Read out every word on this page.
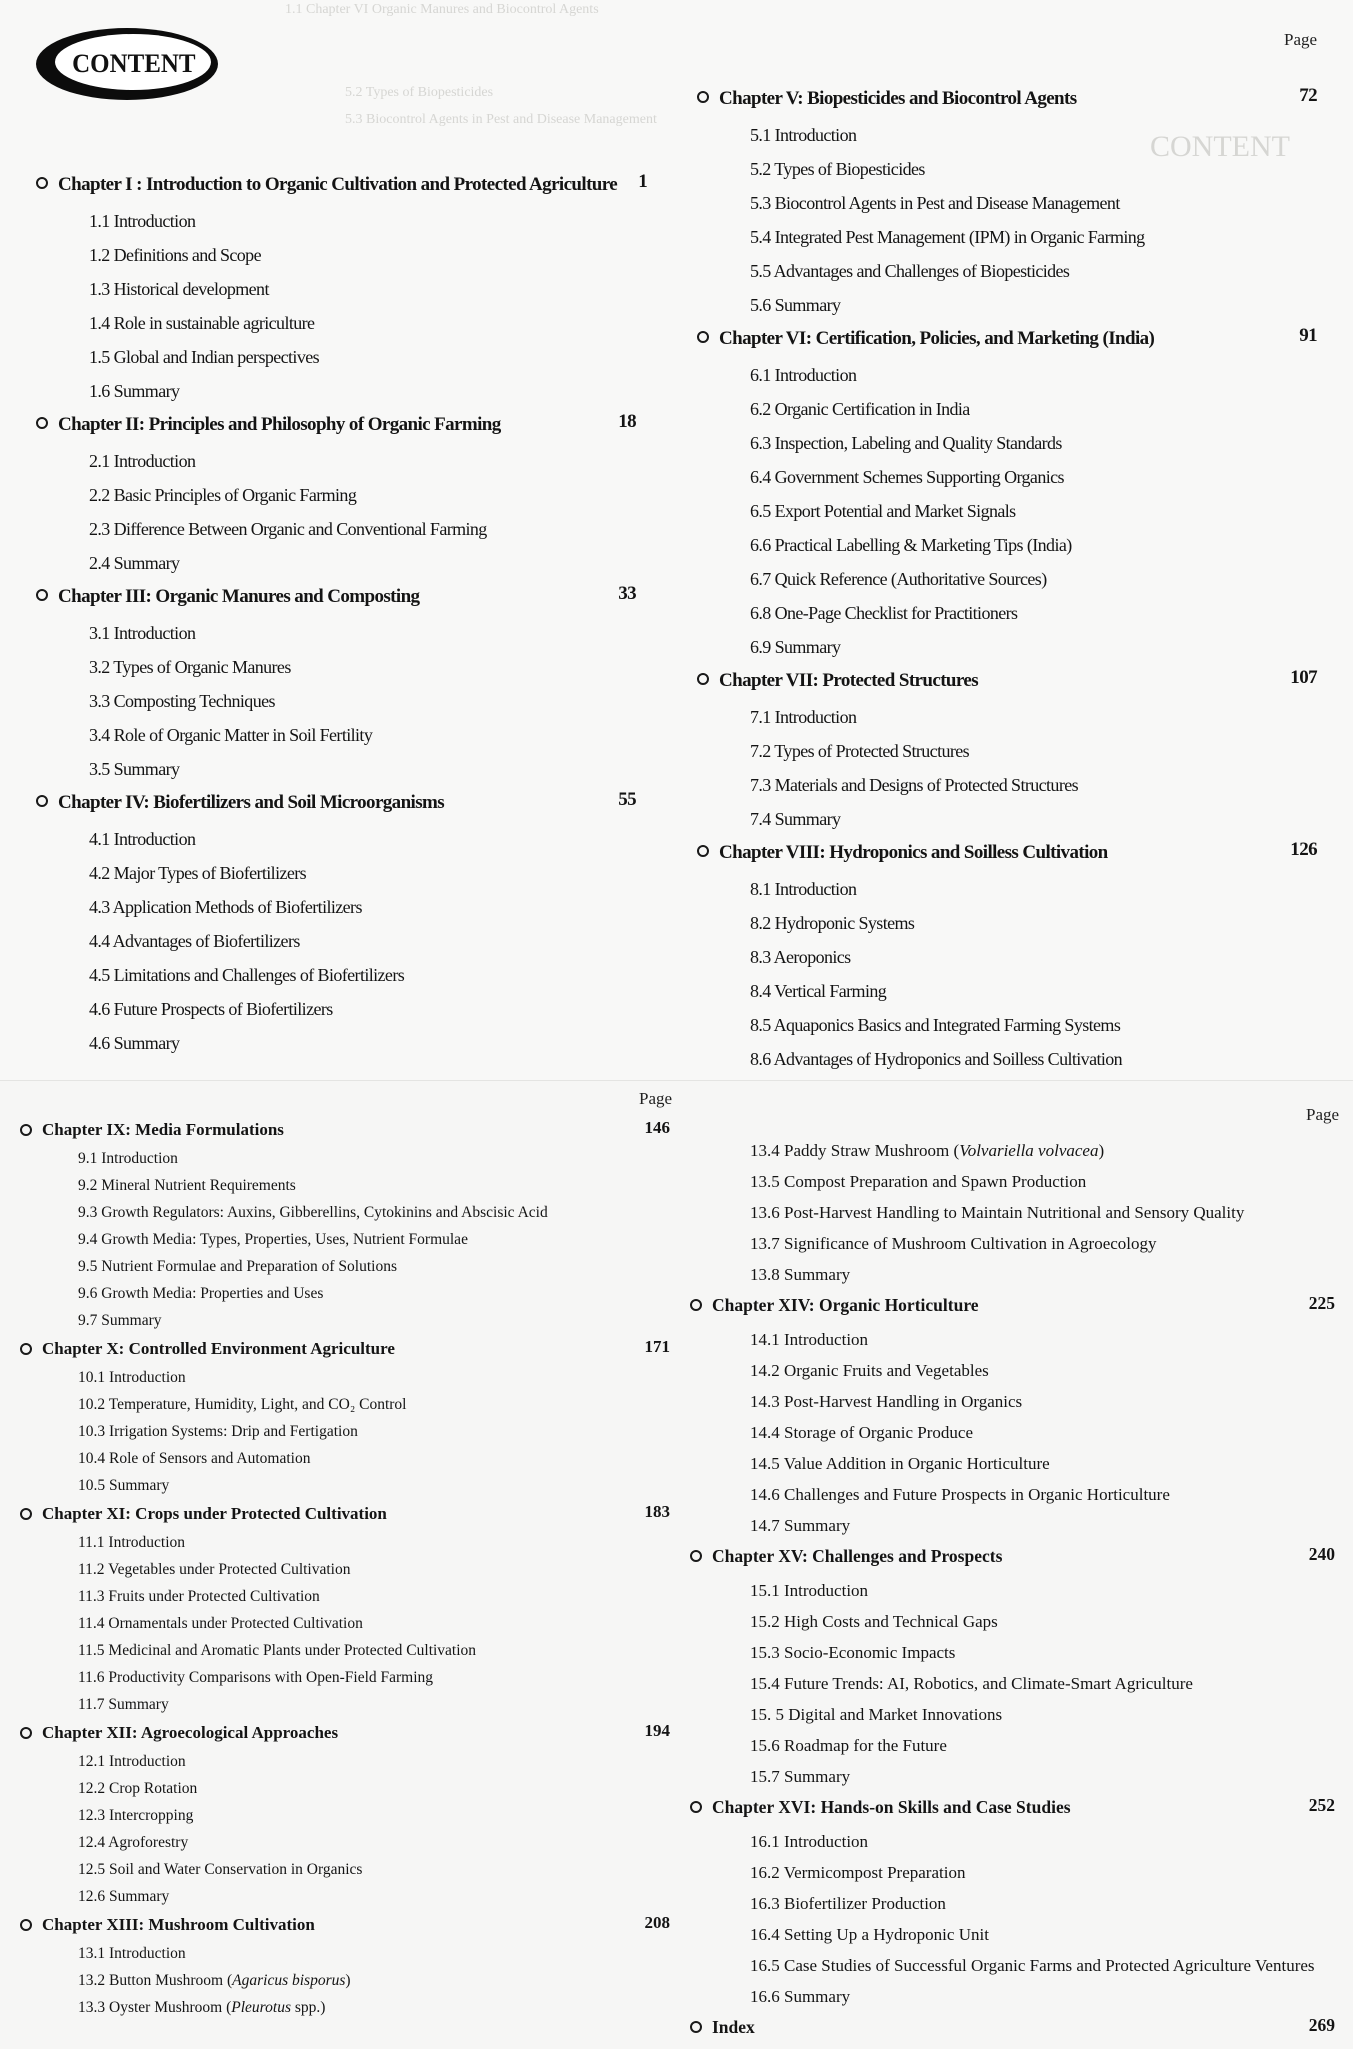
CONTENT
Page
1.1 Chapter VI Organic Manures and Biocontrol Agents
5.2 Types of Biopesticides
5.3 Biocontrol Agents in Pest and Disease Management
CONTENT
Chapter I : Introduction to Organic Cultivation and Protected Agriculture	1
1.1 Introduction
1.2 Definitions and Scope
1.3 Historical development
1.4 Role in sustainable agriculture
1.5 Global and Indian perspectives
1.6 Summary
Chapter II: Principles and Philosophy of Organic Farming	18
2.1 Introduction
2.2 Basic Principles of Organic Farming
2.3 Difference Between Organic and Conventional Farming
2.4 Summary
Chapter III: Organic Manures and Composting	33
3.1 Introduction
3.2 Types of Organic Manures
3.3 Composting Techniques
3.4 Role of Organic Matter in Soil Fertility
3.5 Summary
Chapter IV: Biofertilizers and Soil Microorganisms	55
4.1 Introduction
4.2 Major Types of Biofertilizers
4.3 Application Methods of Biofertilizers
4.4 Advantages of Biofertilizers
4.5 Limitations and Challenges of Biofertilizers
4.6 Future Prospects of Biofertilizers
4.6 Summary
Chapter V: Biopesticides and Biocontrol Agents	72
5.1 Introduction
5.2 Types of Biopesticides
5.3 Biocontrol Agents in Pest and Disease Management
5.4 Integrated Pest Management (IPM) in Organic Farming
5.5 Advantages and Challenges of Biopesticides
5.6 Summary
Chapter VI: Certification, Policies, and Marketing (India)	91
6.1 Introduction
6.2 Organic Certification in India
6.3 Inspection, Labeling and Quality Standards
6.4 Government Schemes Supporting Organics
6.5 Export Potential and Market Signals
6.6 Practical Labelling & Marketing Tips (India)
6.7 Quick Reference (Authoritative Sources)
6.8 One-Page Checklist for Practitioners
6.9 Summary
Chapter VII: Protected Structures	107
7.1 Introduction
7.2 Types of Protected Structures
7.3 Materials and Designs of Protected Structures
7.4 Summary
Chapter VIII: Hydroponics and Soilless Cultivation	126
8.1 Introduction
8.2 Hydroponic Systems
8.3 Aeroponics
8.4 Vertical Farming
8.5 Aquaponics Basics and Integrated Farming Systems
8.6 Advantages of Hydroponics and Soilless Cultivation
Page
Page
Chapter IX: Media Formulations	146
9.1 Introduction
9.2 Mineral Nutrient Requirements
9.3 Growth Regulators: Auxins, Gibberellins, Cytokinins and Abscisic Acid
9.4 Growth Media: Types, Properties, Uses, Nutrient Formulae
9.5 Nutrient Formulae and Preparation of Solutions
9.6 Growth Media: Properties and Uses
9.7 Summary
Chapter X: Controlled Environment Agriculture	171
10.1 Introduction
10.2 Temperature, Humidity, Light, and CO₂ Control
10.3 Irrigation Systems: Drip and Fertigation
10.4 Role of Sensors and Automation
10.5 Summary
Chapter XI: Crops under Protected Cultivation	183
11.1 Introduction
11.2 Vegetables under Protected Cultivation
11.3 Fruits under Protected Cultivation
11.4 Ornamentals under Protected Cultivation
11.5 Medicinal and Aromatic Plants under Protected Cultivation
11.6 Productivity Comparisons with Open-Field Farming
11.7 Summary
Chapter XII: Agroecological Approaches	194
12.1 Introduction
12.2 Crop Rotation
12.3 Intercropping
12.4 Agroforestry
12.5 Soil and Water Conservation in Organics
12.6 Summary
Chapter XIII: Mushroom Cultivation	208
13.1 Introduction
13.2 Button Mushroom (Agaricus bisporus)
13.3 Oyster Mushroom (Pleurotus spp.)
13.4 Paddy Straw Mushroom (Volvariella volvacea)
13.5 Compost Preparation and Spawn Production
13.6 Post-Harvest Handling to Maintain Nutritional and Sensory Quality
13.7 Significance of Mushroom Cultivation in Agroecology
13.8 Summary
Chapter XIV: Organic Horticulture	225
14.1 Introduction
14.2 Organic Fruits and Vegetables
14.3 Post-Harvest Handling in Organics
14.4 Storage of Organic Produce
14.5 Value Addition in Organic Horticulture
14.6 Challenges and Future Prospects in Organic Horticulture
14.7 Summary
Chapter XV: Challenges and Prospects	240
15.1 Introduction
15.2 High Costs and Technical Gaps
15.3 Socio-Economic Impacts
15.4 Future Trends: AI, Robotics, and Climate-Smart Agriculture
15. 5 Digital and Market Innovations
15.6 Roadmap for the Future
15.7 Summary
Chapter XVI: Hands-on Skills and Case Studies	252
16.1 Introduction
16.2 Vermicompost Preparation
16.3 Biofertilizer Production
16.4 Setting Up a Hydroponic Unit
16.5 Case Studies of Successful Organic Farms and Protected Agriculture Ventures
16.6 Summary
Index	269
